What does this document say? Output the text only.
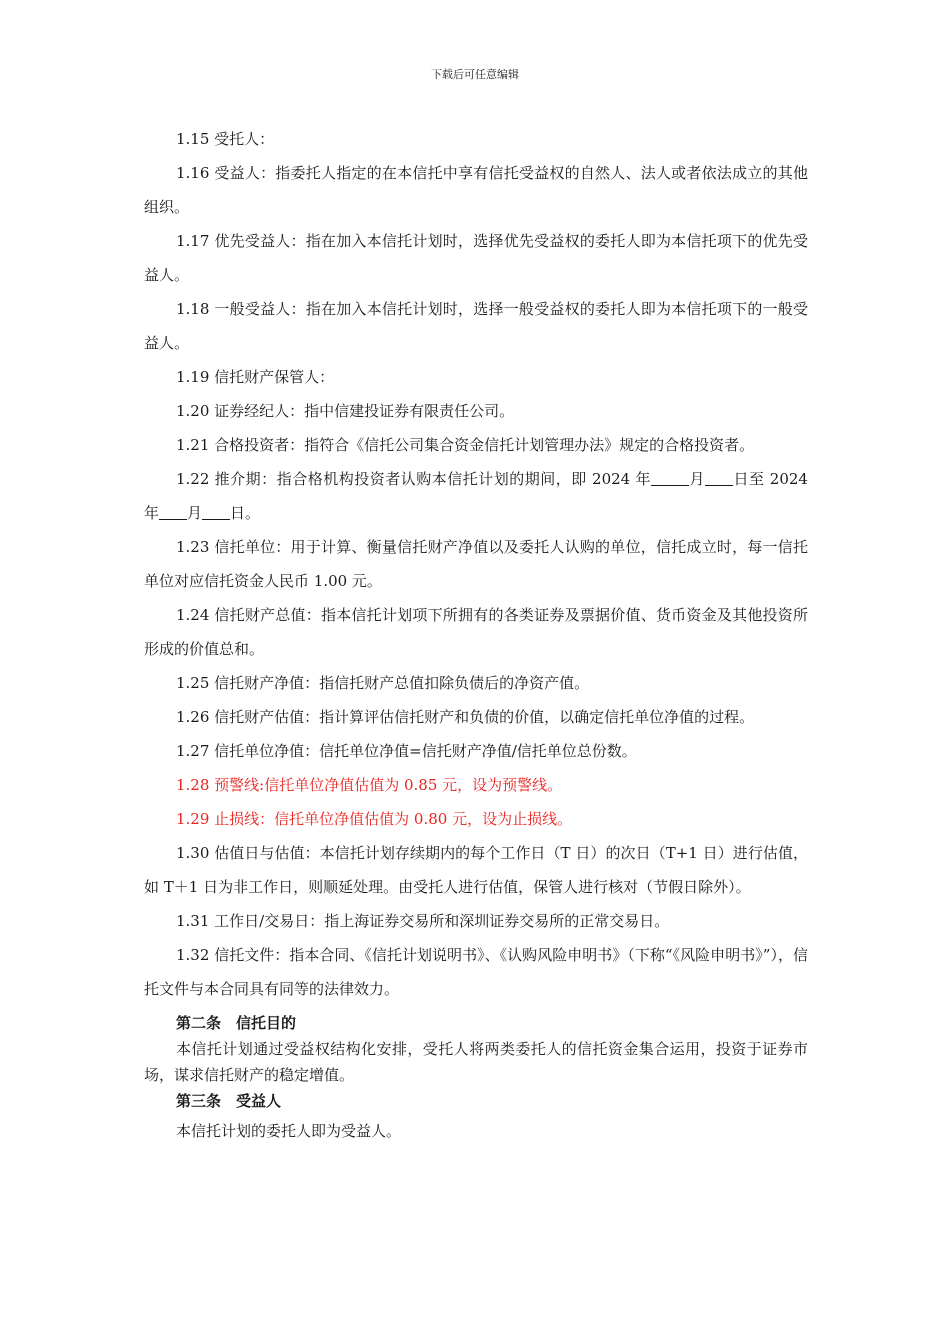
下载后可任意编辑

1.15 受托人：

1.16 受益人：指委托人指定的在本信托中享有信托受益权的自然人、法人或者依法成立的其他组织。

1.17 优先受益人：指在加入本信托计划时，选择优先受益权的委托人即为本信托项下的优先受益人。

1.18 一般受益人：指在加入本信托计划时，选择一般受益权的委托人即为本信托项下的一般受益人。

1.19 信托财产保管人：

1.20 证券经纪人：指中信建投证券有限责任公司。

1.21 合格投资者：指符合《信托公司集合资金信托计划管理办法》规定的合格投资者。

1.22 推介期：指合格机构投资者认购本信托计划的期间，即 2024 年	月 日至 2024 年 月 日。

1.23 信托单位：用于计算、衡量信托财产净值以及委托人认购的单位，信托成立时，每一信托单位对应信托资金人民币 1.00 元。

1.24 信托财产总值：指本信托计划项下所拥有的各类证券及票据价值、货币资金及其他投资所形成的价值总和。

1.25 信托财产净值：指信托财产总值扣除负债后的净资产值。

1.26 信托财产估值：指计算评估信托财产和负债的价值，以确定信托单位净值的过程。

1.27 信托单位净值：信托单位净值=信托财产净值/信托单位总份数。

1.28 预警线:信托单位净值估值为 0.85 元，设为预警线。

1.29 止损线：信托单位净值估值为 0.80 元，设为止损线。

1.30 估值日与估值：本信托计划存续期内的每个工作日（T 日）的次日（T+1 日）进行估值，如 T＋1 日为非工作日，则顺延处理。由受托人进行估值，保管人进行核对（节假日除外）。

1.31 工作日/交易日：指上海证券交易所和深圳证券交易所的正常交易日。

1.32 信托文件：指本合同、《信托计划说明书》、《认购风险申明书》（下称“《风险申明书》”），信托文件与本合同具有同等的法律效力。

第二条　信托目的

本信托计划通过受益权结构化安排，受托人将两类委托人的信托资金集合运用，投资于证券市场，谋求信托财产的稳定增值。

第三条　受益人

本信托计划的委托人即为受益人。
